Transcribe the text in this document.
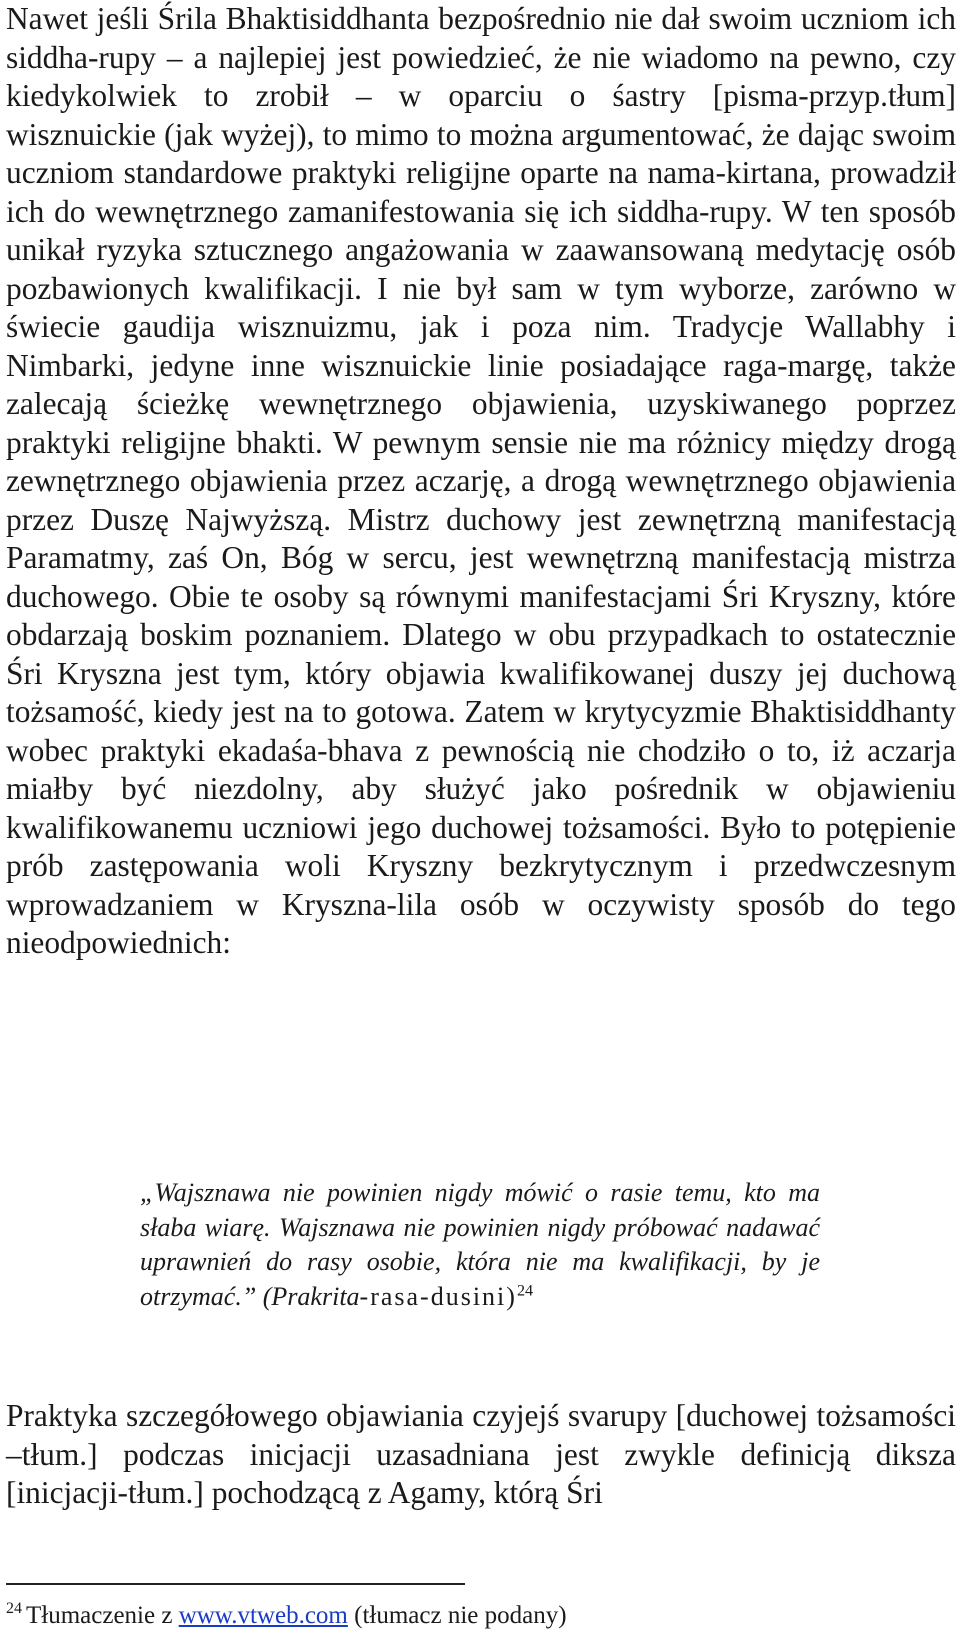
Nawet jeśli Śrila Bhaktisiddhanta bezpośrednio nie dał swoim uczniom ich siddha-rupy – a najlepiej jest powiedzieć, że nie wiadomo na pewno, czy kiedykolwiek to zrobił – w oparciu o śastry [pisma-przyp.tłum] wisznuickie (jak wyżej), to mimo to można argumentować, że dając swoim uczniom standardowe praktyki religijne oparte na nama-kirtana, prowadził ich do wewnętrznego zamanifestowania się ich siddha-rupy. W ten sposób unikał ryzyka sztucznego angażowania w zaawansowaną medytację osób pozbawionych kwalifikacji. I nie był sam w tym wyborze, zarówno w świecie gaudija wisznuizmu, jak i poza nim. Tradycje Wallabhy i Nimbarki, jedyne inne wisznuickie linie posiadające raga-margę, także zalecają ścieżkę wewnętrznego objawienia, uzyskiwanego poprzez praktyki religijne bhakti. W pewnym sensie nie ma różnicy między drogą zewnętrznego objawienia przez aczarję, a drogą wewnętrznego objawienia przez Duszę Najwyższą. Mistrz duchowy jest zewnętrzną manifestacją Paramatmy, zaś On, Bóg w sercu, jest wewnętrzną manifestacją mistrza duchowego. Obie te osoby są równymi manifestacjami Śri Kryszny, które obdarzają boskim poznaniem. Dlatego w obu przypadkach to ostatecznie Śri Kryszna jest tym, który objawia kwalifikowanej duszy jej duchową tożsamość, kiedy jest na to gotowa. Zatem w krytycyzmie Bhaktisiddhanty wobec praktyki ekadaśa-bhava z pewnością nie chodziło o to, iż aczarja miałby być niezdolny, aby służyć jako pośrednik w objawieniu kwalifikowanemu uczniowi jego duchowej tożsamości. Było to potępienie prób zastępowania woli Kryszny bezkrytycznym i przedwczesnym wprowadzaniem w Kryszna-lila osób w oczywisty sposób do tego nieodpowiednich:

„Wajsznawa nie powinien nigdy mówić o rasie temu, kto ma słaba wiarę. Wajsznawa nie powinien nigdy próbować nadawać uprawnień do rasy osobie, która nie ma kwalifikacji, by je otrzymać.” (Prakrita-rasa-dusini)$^{24}$

Praktyka szczegółowego objawiania czyjejś svarupy [duchowej tożsamości –tłum.] podczas inicjacji uzasadniana jest zwykle definicją diksza [inicjacji-tłum.] pochodzącą z Agamy, którą Śri

$^{24}$ Tłumaczenie z www.vtweb.com (tłumacz nie podany)
